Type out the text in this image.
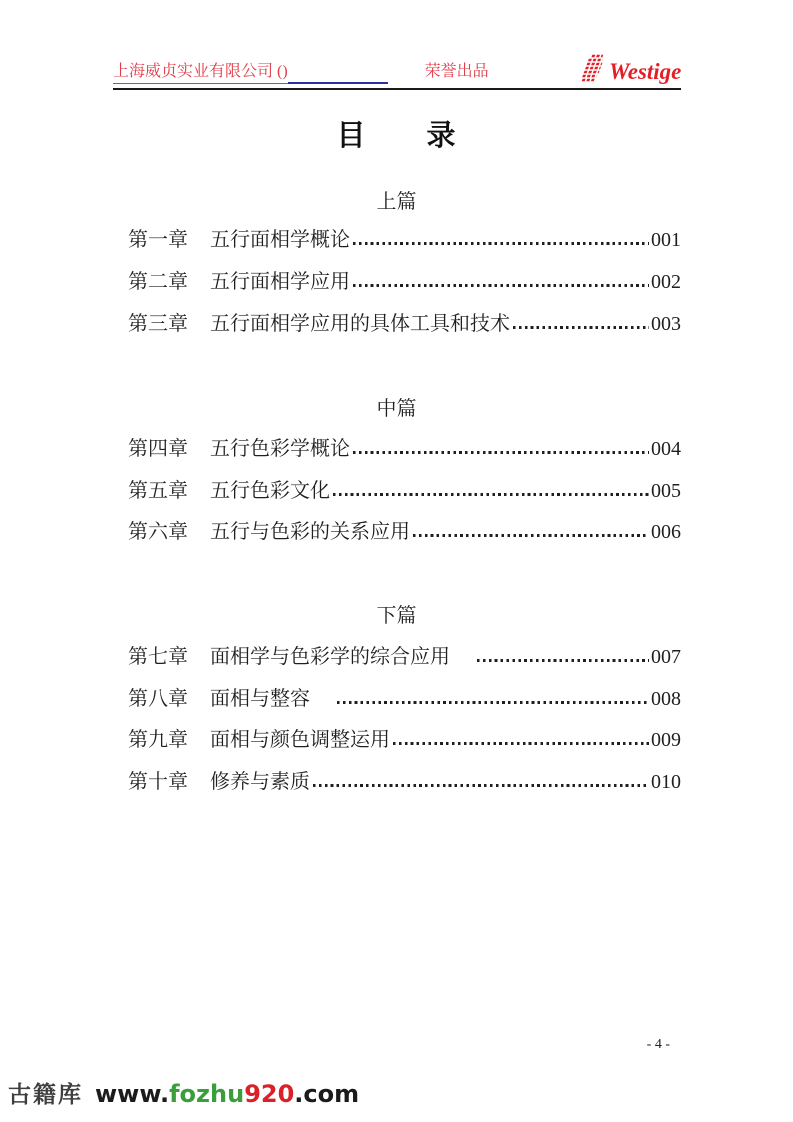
上海威贞实业有限公司 ()	荣誉出品	Westige
目　　录
上篇
中篇
下篇
第一章 五行面相学概论	001
第二章 五行面相学应用	002
第三章 五行面相学应用的具体工具和技术	003
第四章 五行色彩学概论	004
第五章 五行色彩文化	005
第六章 五行与色彩的关系应用	006
第七章 面相学与色彩学的综合应用	007
第八章 面相与整容	008
第九章 面相与颜色调整运用	009
第十章 修养与素质	010
- 4 -
古籍库 www.fozhu920.com
